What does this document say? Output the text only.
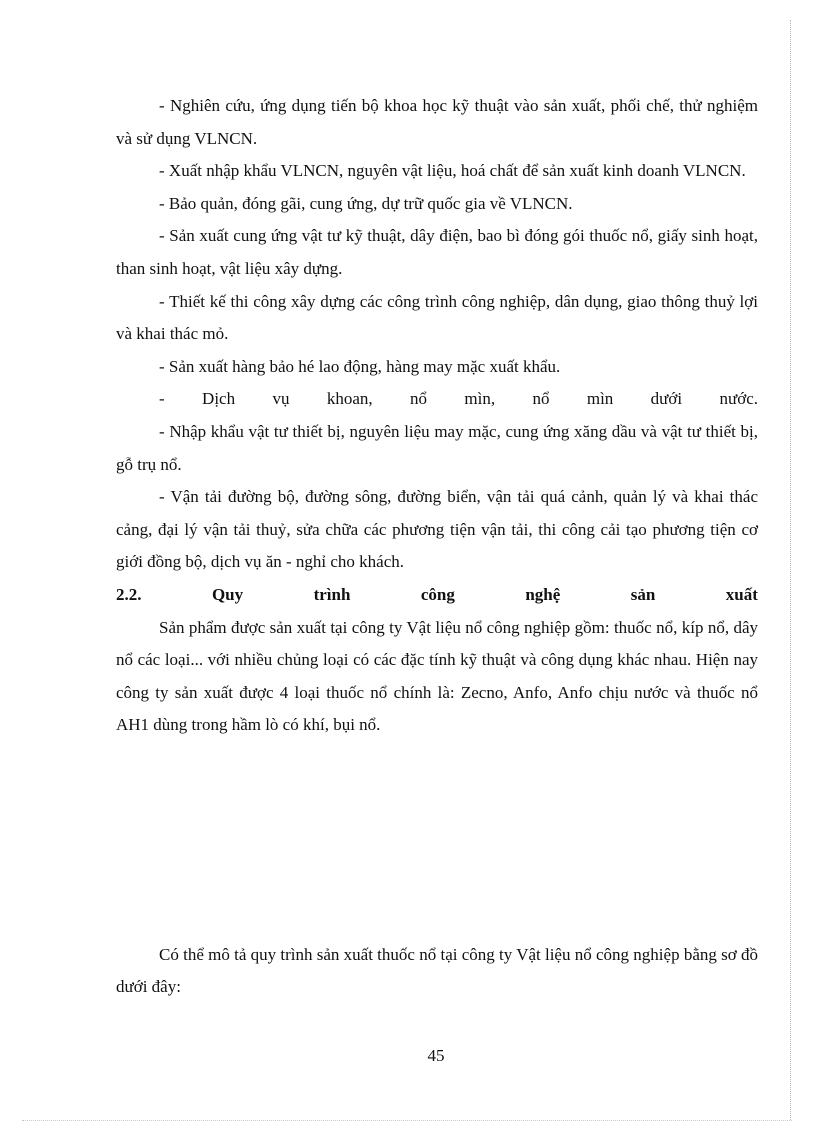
- Nghiên cứu, ứng dụng tiến bộ khoa học kỹ thuật vào sản xuất, phối chế, thử nghiệm và sử dụng VLNCN.

- Xuất nhập khẩu VLNCN, nguyên vật liệu, hoá chất để sản xuất kinh doanh VLNCN.

- Bảo quản, đóng gãi, cung ứng, dự trữ quốc gia về VLNCN.

- Sản xuất cung ứng vật tư kỹ thuật, dây điện, bao bì đóng gói thuốc nổ, giấy sinh hoạt, than sinh hoạt, vật liệu xây dựng.

- Thiết kế thi công xây dựng các công trình công nghiệp, dân dụng, giao thông thuỷ lợi và khai thác mỏ.

- Sản xuất hàng bảo hé lao động, hàng may mặc xuất khẩu.

- Dịch vụ khoan, nổ mìn, nổ mìn dưới nước.

- Nhập khẩu vật tư thiết bị, nguyên liệu may mặc, cung ứng xăng dầu và vật tư thiết bị, gỗ trụ nổ.

- Vận tải đường bộ, đường sông, đường biển, vận tải quá cảnh, quản lý và khai thác cảng, đại lý vận tải thuỷ, sửa chữa các phương tiện vận tải, thi công cải tạo phương tiện cơ giới đồng bộ, dịch vụ ăn - nghỉ cho khách.

2.2.	Quy	trình	công	nghệ	sản	xuất

Sản phẩm được sản xuất tại công ty Vật liệu nổ công nghiệp gồm: thuốc nổ, kíp nổ, dây nổ các loại... với nhiều chủng loại có các đặc tính kỹ thuật và công dụng khác nhau. Hiện nay công ty sản xuất được 4 loại thuốc nổ chính là: Zecno, Anfo, Anfo chịu nước và thuốc nổ AH1 dùng trong hầm lò có khí, bụi nổ.

Có thể mô tả quy trình sản xuất thuốc nổ tại công ty Vật liệu nổ công nghiệp bằng sơ đồ dưới đây:

45
